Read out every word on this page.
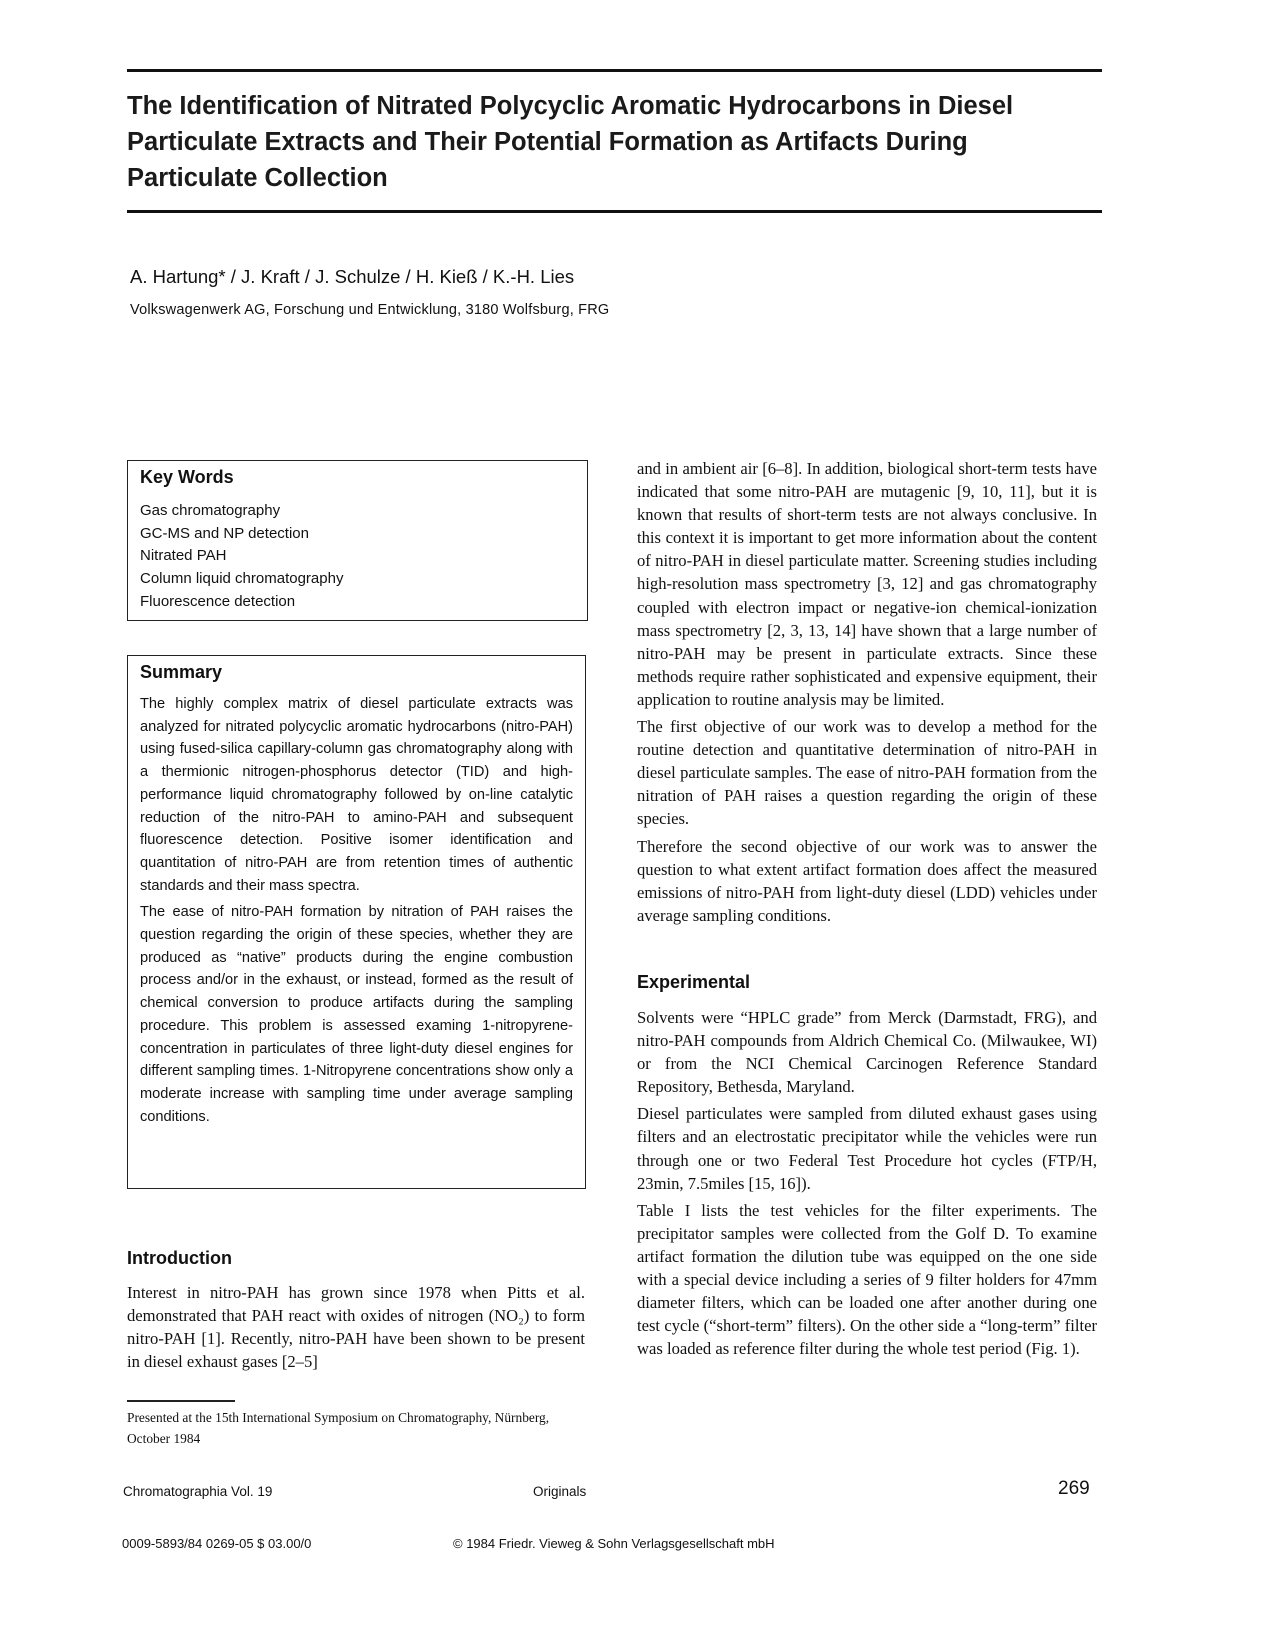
The Identification of Nitrated Polycyclic Aromatic Hydrocarbons in Diesel Particulate Extracts and Their Potential Formation as Artifacts During Particulate Collection
A. Hartung* / J. Kraft / J. Schulze / H. Kieß / K.-H. Lies
Volkswagenwerk AG, Forschung und Entwicklung, 3180 Wolfsburg, FRG
Key Words
Gas chromatography
GC-MS and NP detection
Nitrated PAH
Column liquid chromatography
Fluorescence detection
Summary

The highly complex matrix of diesel particulate extracts was analyzed for nitrated polycyclic aromatic hydrocarbons (nitro-PAH) using fused-silica capillary-column gas chromatography along with a thermionic nitrogen-phosphorus detector (TID) and high-performance liquid chromatography followed by on-line catalytic reduction of the nitro-PAH to amino-PAH and subsequent fluorescence detection. Positive isomer identification and quantitation of nitro-PAH are from retention times of authentic standards and their mass spectra.

The ease of nitro-PAH formation by nitration of PAH raises the question regarding the origin of these species, whether they are produced as “native” products during the engine combustion process and/or in the exhaust, or instead, formed as the result of chemical conversion to produce artifacts during the sampling procedure. This problem is assessed examing 1-nitropyrene-concentration in particulates of three light-duty diesel engines for different sampling times. 1-Nitropyrene concentrations show only a moderate increase with sampling time under average sampling conditions.

Introduction
Interest in nitro-PAH has grown since 1978 when Pitts et al. demonstrated that PAH react with oxides of nitrogen (NO₂) to form nitro-PAH [1]. Recently, nitro-PAH have been shown to be present in diesel exhaust gases [2–5]
Presented at the 15th International Symposium on Chromatography, Nürnberg, October 1984

and in ambient air [6–8]. In addition, biological short-term tests have indicated that some nitro-PAH are mutagenic [9, 10, 11], but it is known that results of short-term tests are not always conclusive. In this context it is important to get more information about the content of nitro-PAH in diesel particulate matter. Screening studies including high-resolution mass spectrometry [3, 12] and gas chromatography coupled with electron impact or negative-ion chemical-ionization mass spectrometry [2, 3, 13, 14] have shown that a large number of nitro-PAH may be present in particulate extracts. Since these methods require rather sophisticated and expensive equipment, their application to routine analysis may be limited.

The first objective of our work was to develop a method for the routine detection and quantitative determination of nitro-PAH in diesel particulate samples. The ease of nitro-PAH formation from the nitration of PAH raises a question regarding the origin of these species.

Therefore the second objective of our work was to answer the question to what extent artifact formation does affect the measured emissions of nitro-PAH from light-duty diesel (LDD) vehicles under average sampling conditions.

Experimental

Solvents were “HPLC grade” from Merck (Darmstadt, FRG), and nitro-PAH compounds from Aldrich Chemical Co. (Milwaukee, WI) or from the NCI Chemical Carcinogen Reference Standard Repository, Bethesda, Maryland.

Diesel particulates were sampled from diluted exhaust gases using filters and an electrostatic precipitator while the vehicles were run through one or two Federal Test Procedure hot cycles (FTP/H, 23min, 7.5miles [15, 16]).

Table I lists the test vehicles for the filter experiments. The precipitator samples were collected from the Golf D. To examine artifact formation the dilution tube was equipped on the one side with a special device including a series of 9 filter holders for 47mm diameter filters, which can be loaded one after another during one test cycle (“short-term” filters). On the other side a “long-term” filter was loaded as reference filter during the whole test period (Fig. 1).

Chromatographia Vol. 19	Originals	269
0009-5893/84 0269-05 $ 03.00/0	© 1984 Friedr. Vieweg & Sohn Verlagsgesellschaft mbH
